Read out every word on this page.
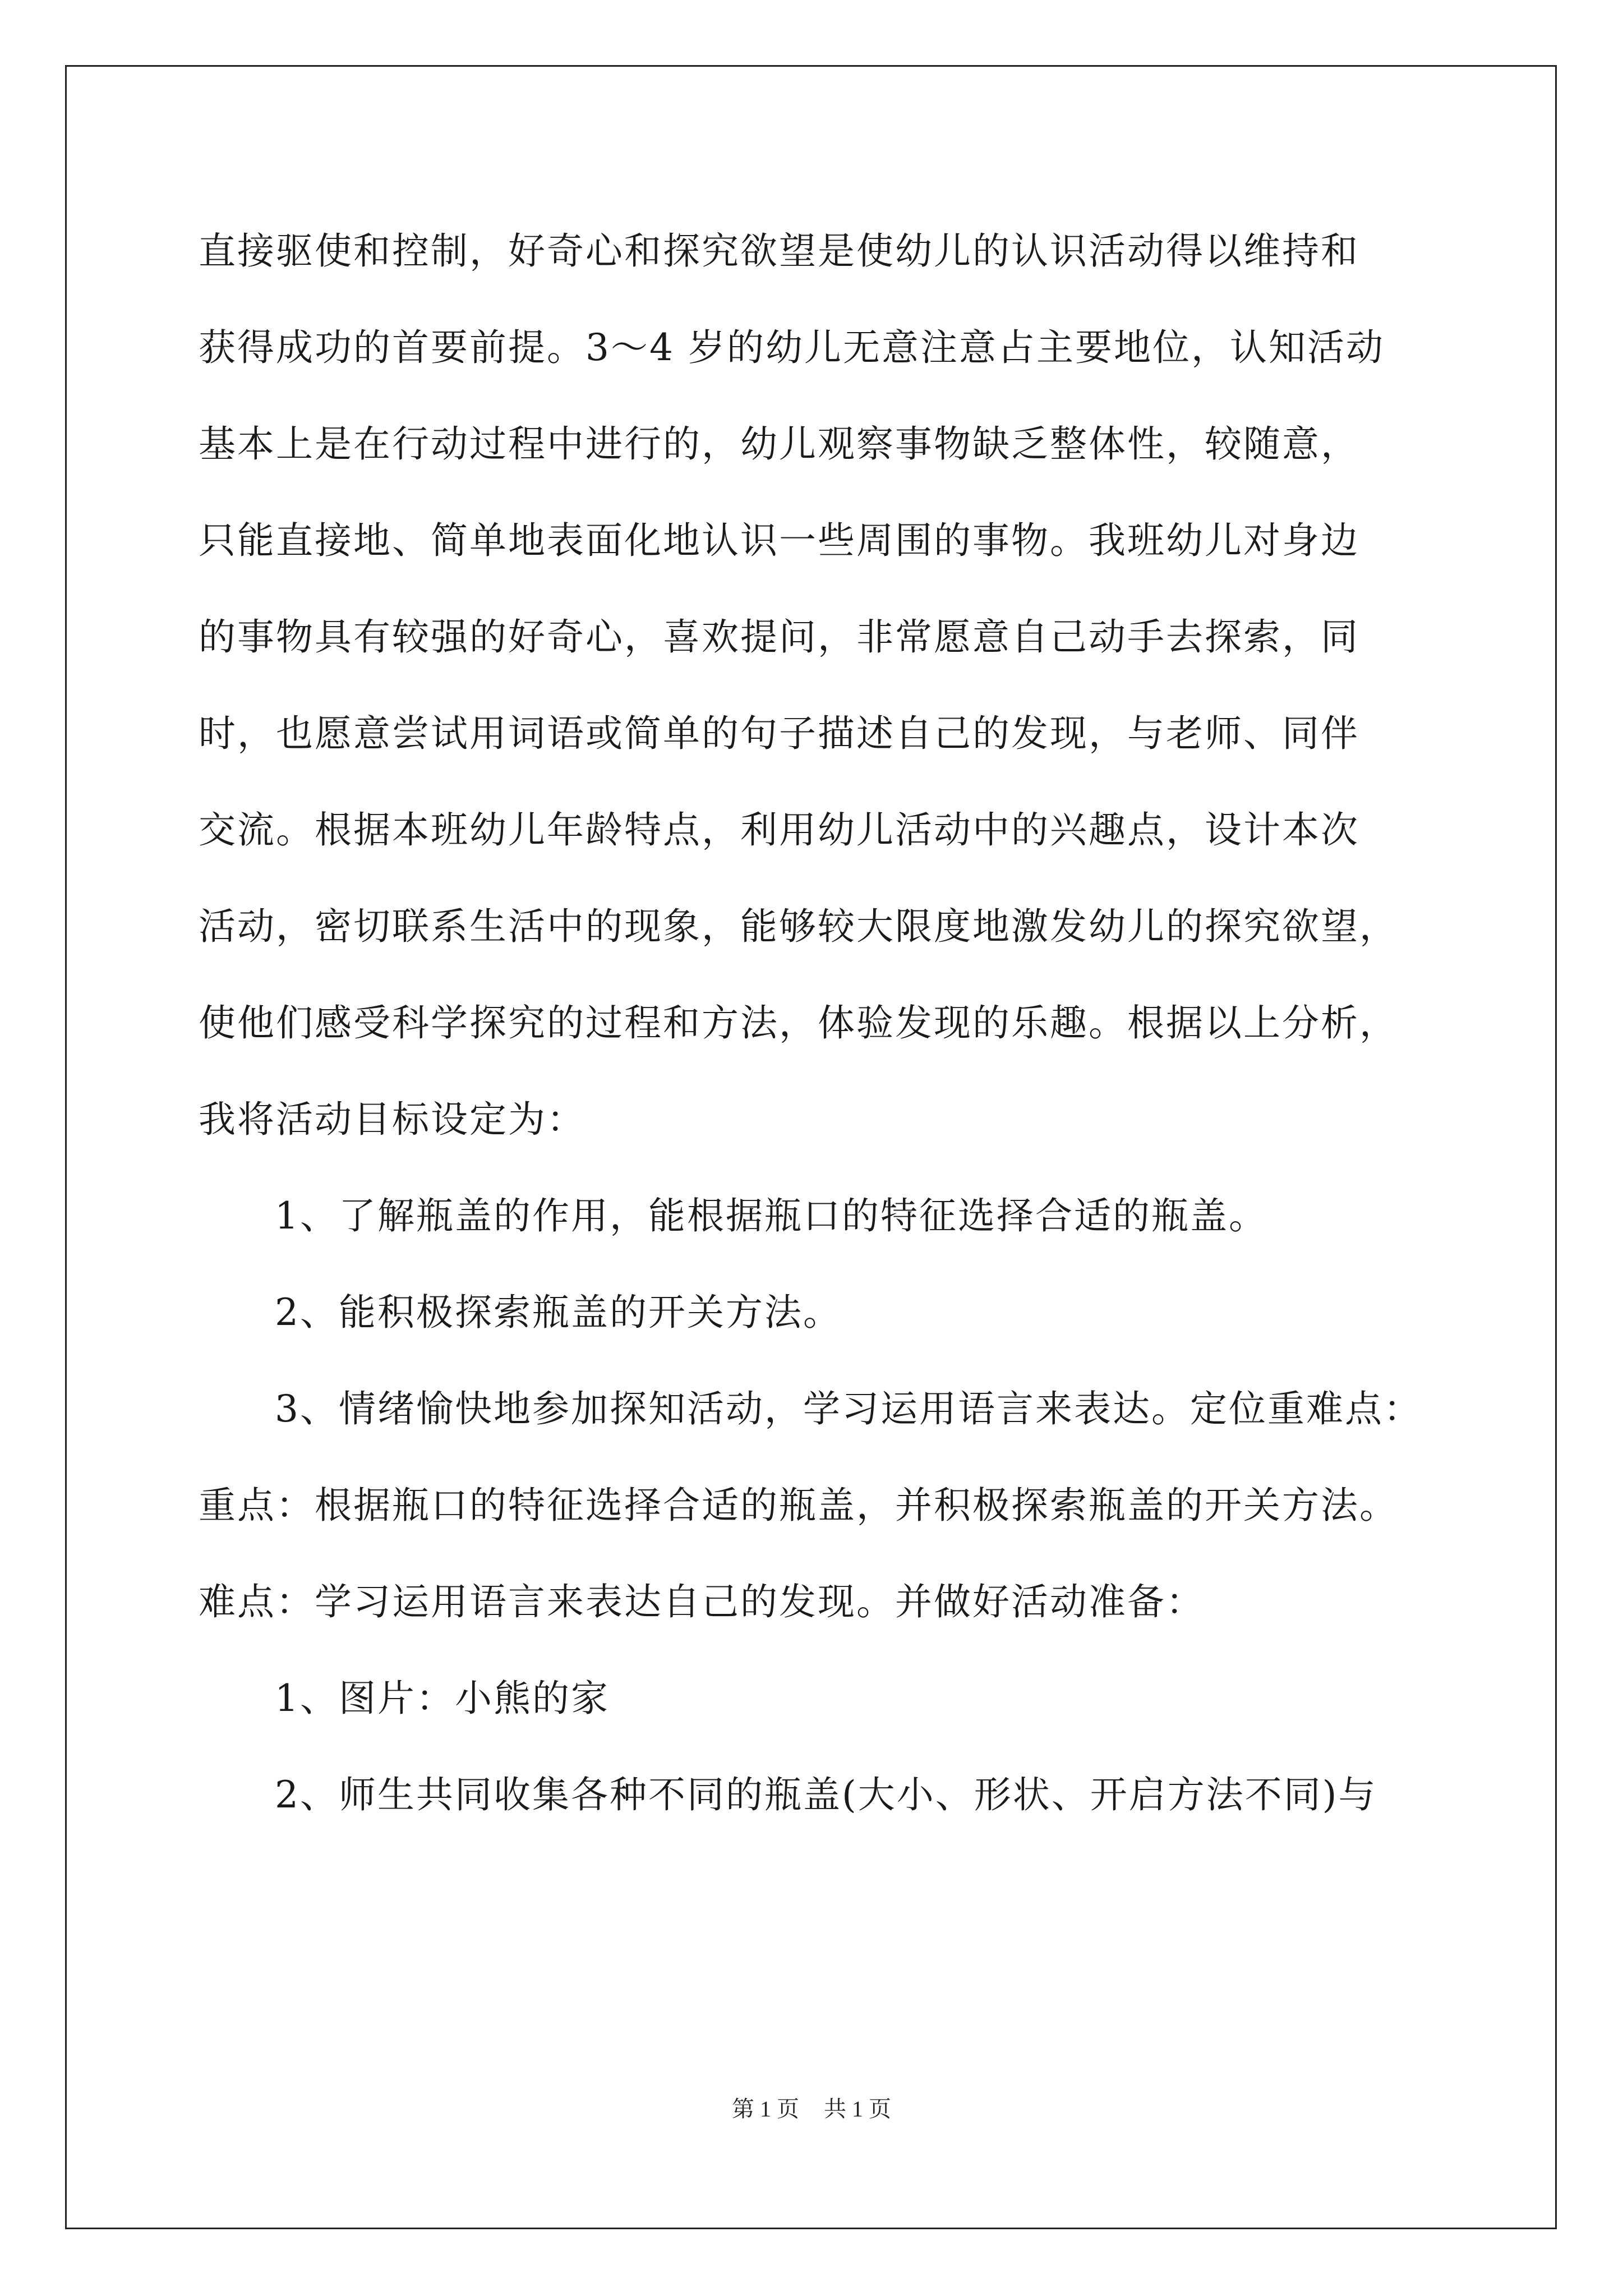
直接驱使和控制，好奇心和探究欲望是使幼儿的认识活动得以维持和
获得成功的首要前提。3～4 岁的幼儿无意注意占主要地位，认知活动
基本上是在行动过程中进行的，幼儿观察事物缺乏整体性，较随意，
只能直接地、简单地表面化地认识一些周围的事物。我班幼儿对身边
的事物具有较强的好奇心，喜欢提问，非常愿意自己动手去探索，同
时，也愿意尝试用词语或简单的句子描述自己的发现，与老师、同伴
交流。根据本班幼儿年龄特点，利用幼儿活动中的兴趣点，设计本次
活动，密切联系生活中的现象，能够较大限度地激发幼儿的探究欲望，
使他们感受科学探究的过程和方法，体验发现的乐趣。根据以上分析，
我将活动目标设定为：
1、了解瓶盖的作用，能根据瓶口的特征选择合适的瓶盖。
2、能积极探索瓶盖的开关方法。
3、情绪愉快地参加探知活动，学习运用语言来表达。定位重难点：
重点：根据瓶口的特征选择合适的瓶盖，并积极探索瓶盖的开关方法。
难点：学习运用语言来表达自己的发现。并做好活动准备：
1、图片：小熊的家
2、师生共同收集各种不同的瓶盖(大小、形状、开启方法不同)与
第 1 页 共 1 页
